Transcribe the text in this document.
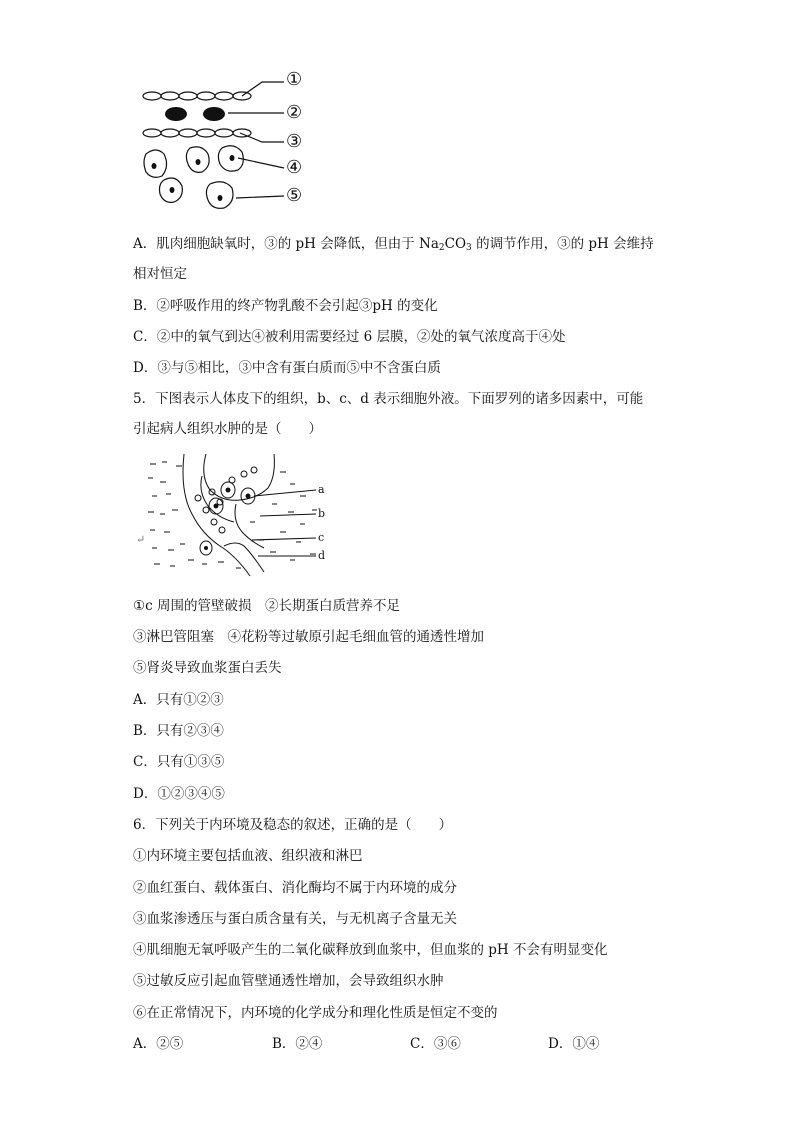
①
②
③
④
⑤
A．肌肉细胞缺氧时，③的 pH 会降低，但由于 $Na_2CO_3$ 的调节作用，③的 pH 会维持
相对恒定
B．②呼吸作用的终产物乳酸不会引起③pH 的变化
C．②中的氧气到达④被利用需要经过 6 层膜，②处的氧气浓度高于④处
D．③与⑤相比，③中含有蛋白质而⑤中不含蛋白质
5．下图表示人体皮下的组织，b、c、d 表示细胞外液。下面罗列的诸多因素中，可能
引起病人组织水肿的是（　　）
a
b
c
d
↵
①c 周围的管壁破损　②长期蛋白质营养不足
③淋巴管阻塞　④花粉等过敏原引起毛细血管的通透性增加
⑤肾炎导致血浆蛋白丢失
A．只有①②③
B．只有②③④
C．只有①③⑤
D．①②③④⑤
6．下列关于内环境及稳态的叙述，正确的是（　　）
①内环境主要包括血液、组织液和淋巴
②血红蛋白、载体蛋白、消化酶均不属于内环境的成分
③血浆渗透压与蛋白质含量有关，与无机离子含量无关
④肌细胞无氧呼吸产生的二氧化碳释放到血浆中，但血浆的 pH 不会有明显变化
⑤过敏反应引起血管壁通透性增加，会导致组织水肿
⑥在正常情况下，内环境的化学成分和理化性质是恒定不变的
A．②⑤	B．②④	C．③⑥	D．①④
